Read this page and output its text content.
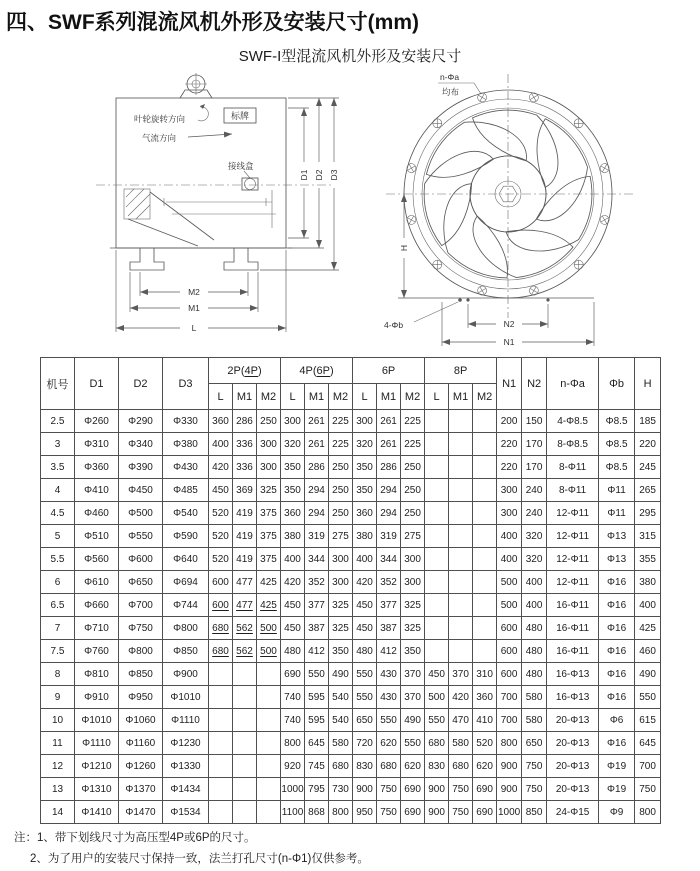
四、SWF系列混流风机外形及安装尺寸(mm)
SWF-I型混流风机外形及安装尺寸
标牌
叶轮旋转方向
气流方向
接线盒
M2
M1
L
D1 D2 D3
n-Φa
均布
H
4-Φb	N2
N1
机号	D1	D2	D3	2P(4P)			4P(6P)			6P			8P			N1	N2	n-Φa	Φb	H
				L	M1	M2	L	M1	M2	L	M1	M2	L	M1	M2					
2.5	Φ260	Φ290	Φ330	360	286	250	300	261	225	300	261	225				200	150	4-Φ8.5	Φ8.5	185
3	Φ310	Φ340	Φ380	400	336	300	320	261	225	320	261	225				220	170	8-Φ8.5	Φ8.5	220
3.5	Φ360	Φ390	Φ430	420	336	300	350	286	250	350	286	250				220	170	8-Φ11	Φ8.5	245
4	Φ410	Φ450	Φ485	450	369	325	350	294	250	350	294	250				300	240	8-Φ11	Φ11	265
4.5	Φ460	Φ500	Φ540	520	419	375	360	294	250	360	294	250				300	240	12-Φ11	Φ11	295
5	Φ510	Φ550	Φ590	520	419	375	380	319	275	380	319	275				400	320	12-Φ11	Φ13	315
5.5	Φ560	Φ600	Φ640	520	419	375	400	344	300	400	344	300				400	320	12-Φ11	Φ13	355
6	Φ610	Φ650	Φ694	600	477	425	420	352	300	420	352	300				500	400	12-Φ11	Φ16	380
6.5	Φ660	Φ700	Φ744	600	477	425	450	377	325	450	377	325				500	400	16-Φ11	Φ16	400
7	Φ710	Φ750	Φ800	680	562	500	450	387	325	450	387	325				600	480	16-Φ11	Φ16	425
7.5	Φ760	Φ800	Φ850	680	562	500	480	412	350	480	412	350				600	480	16-Φ11	Φ16	460
8	Φ810	Φ850	Φ900				690	550	490	550	430	370	450	370	310	600	480	16-Φ13	Φ16	490
9	Φ910	Φ950	Φ1010				740	595	540	550	430	370	500	420	360	700	580	16-Φ13	Φ16	550
10	Φ1010	Φ1060	Φ1110				740	595	540	650	550	490	550	470	410	700	580	20-Φ13	Φ6	615
11	Φ1110	Φ1160	Φ1230				800	645	580	720	620	550	680	580	520	800	650	20-Φ13	Φ16	645
12	Φ1210	Φ1260	Φ1330				920	745	680	830	680	620	830	680	620	900	750	20-Φ13	Φ19	700
13	Φ1310	Φ1370	Φ1434				1000	795	730	900	750	690	900	750	690	900	750	20-Φ13	Φ19	750
14	Φ1410	Φ1470	Φ1534				1100	868	800	950	750	690	900	750	690	1000	850	24-Φ15	Φ9	800
注：1、带下划线尺寸为高压型4P或6P的尺寸。
2、为了用户的安装尺寸保持一致，法兰打孔尺寸(n-Φ1)仅供参考。
